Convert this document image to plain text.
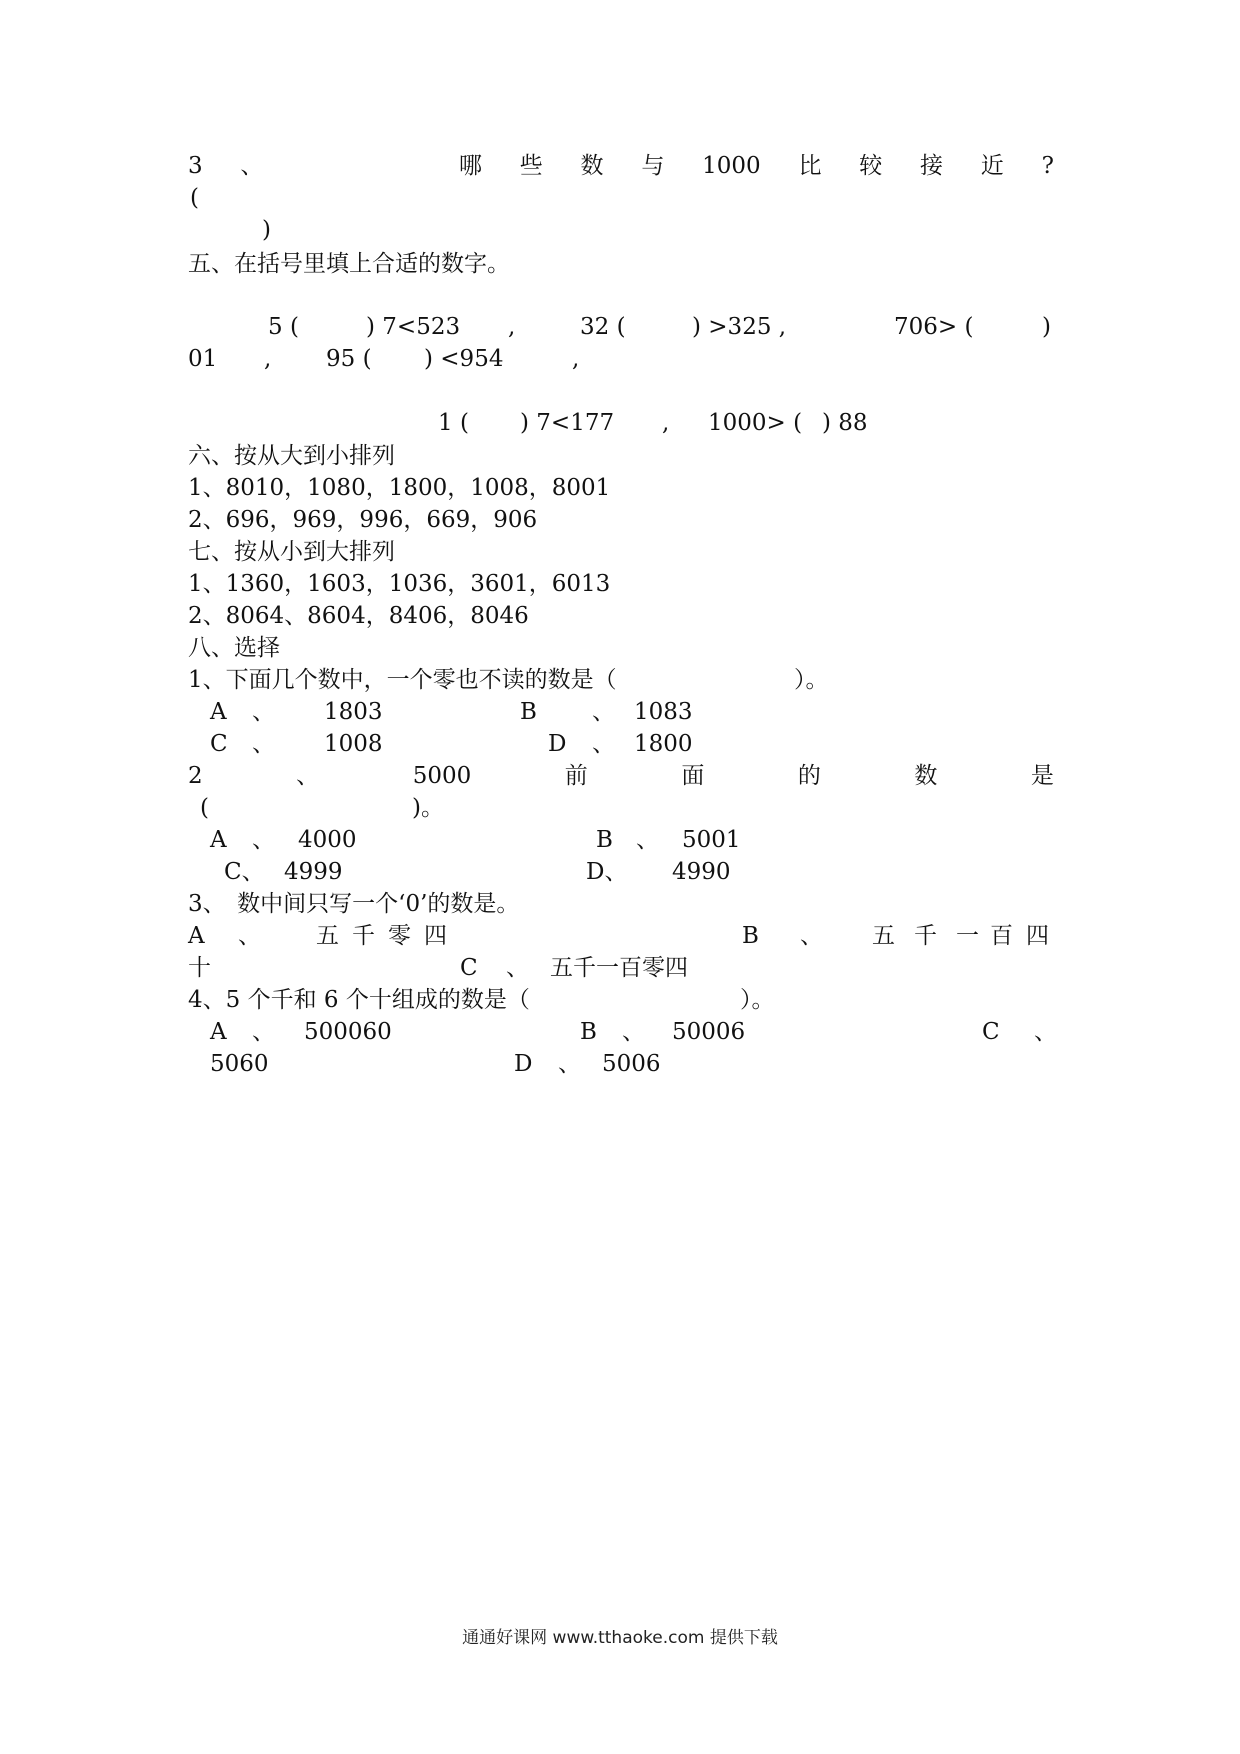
3 、	哪 些 数 与 1000 比 较 接 近 ?
(
)
五、在括号里填上合适的数字。
5 (	) 7<523 ,	32 (	) >325 ,	706> (	)
01 , 95 ( ) <954	,
1 ( ) 7<177 , 1000> ( ) 88
六、按从大到小排列
1、8010，1080，1800，1008，8001
2、696，969，996，669，906
七、按从小到大排列
1、1360，1603，1036，3601，6013
2、8064、8604，8406，8046
八、选择
1、下面几个数中，一个零也不读的数是（	）。
A 、 1803	B 、 1083
C 、 1008	D 、 1800
2	、	5000	前	面	的	数	是
(	)。
A 、 4000	B 、 5001
C、 4999	D、 4990
3、　数中间只写一个‘0’的数是。
A 、 五 千 零 四	B 、 五 千 一 百 四
十	C 、 五千一百零四
4、5 个千和 6 个十组成的数是（	）。
A 、 500060	B 、 50006	C 、
5060	D 、 5006
通通好课网 www.tthaoke.com 提供下载
